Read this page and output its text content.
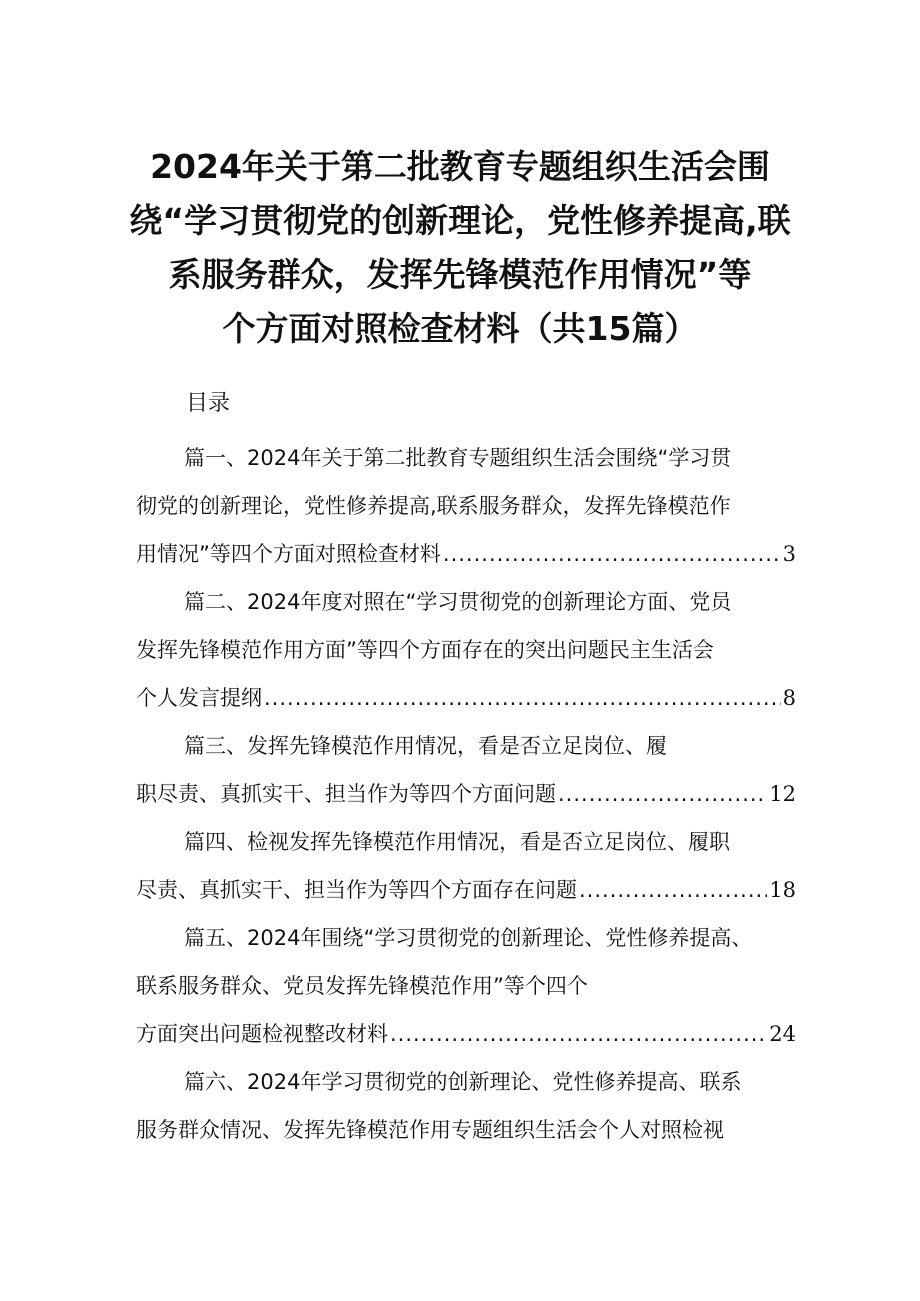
2024年关于第二批教育专题组织生活会围
绕“学习贯彻党的创新理论，党性修养提高,联
系服务群众，发挥先锋模范作用情况”等
个方面对照检查材料（共15篇）

目录

篇一、2024年关于第二批教育专题组织生活会围绕“学习贯
彻党的创新理论，党性修养提高,联系服务群众，发挥先锋模范作
用情况”等四个方面对照检查材料 .....	3

篇二、2024年度对照在“学习贯彻党的创新理论方面、党员
发挥先锋模范作用方面”等四个方面存在的突出问题民主生活会
个人发言提纲 .....	8

篇三、发挥先锋模范作用情况，看是否立足岗位、履
职尽责、真抓实干、担当作为等四个方面问题 .....	12

篇四、检视发挥先锋模范作用情况，看是否立足岗位、履职
尽责、真抓实干、担当作为等四个方面存在问题 .....	18

篇五、2024年围绕“学习贯彻党的创新理论、党性修养提高、
联系服务群众、党员发挥先锋模范作用”等个四个
方面突出问题检视整改材料 .....	24

篇六、2024年学习贯彻党的创新理论、党性修养提高、联系
服务群众情况、发挥先锋模范作用专题组织生活会个人对照检视
